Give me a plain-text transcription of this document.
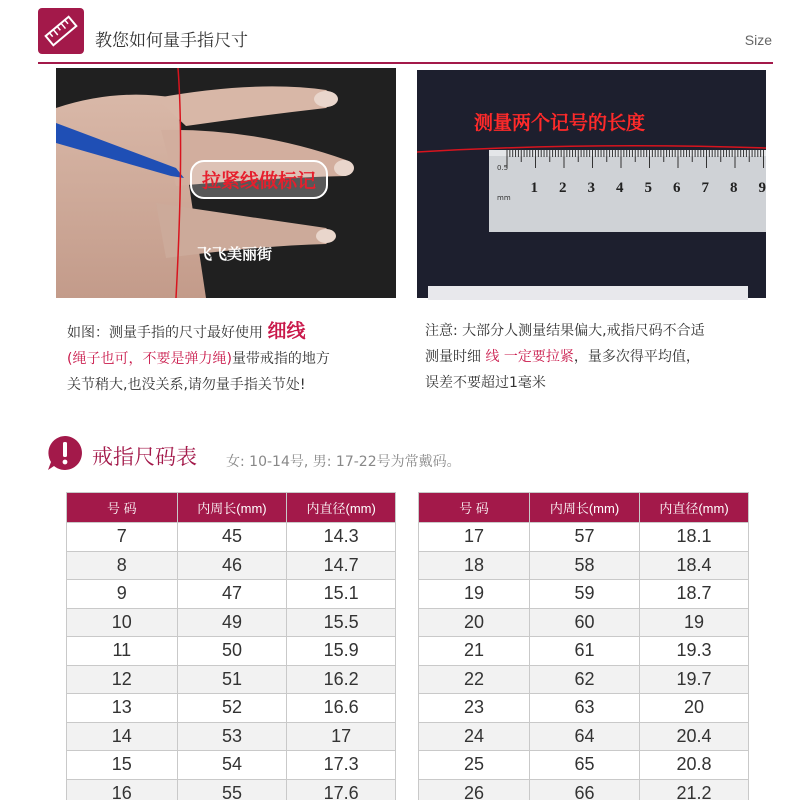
教您如何量手指尺寸	Size
拉紧线做标记
飞飞美丽街
0.5
mm
1 2 3 4 5 6 7 8 9
测量两个记号的长度
如图：测量手指的尺寸最好使用 细线
(绳子也可，不要是弹力绳)量带戒指的地方
关节稍大,也没关系,请勿量手指关节处!
注意: 大部分人测量结果偏大,戒指尺码不合适
测量时细 线 一定要拉紧，量多次得平均值，
误差不要超过1毫米
戒指尺码表 女: 10-14号, 男: 17-22号为常戴码。
号 码	内周长(mm)	内直径(mm)
7	45	14.3
8	46	14.7
9	47	15.1
10	49	15.5
11	50	15.9
12	51	16.2
13	52	16.6
14	53	17
15	54	17.3
16	55	17.6
号 码	内周长(mm)	内直径(mm)
17	57	18.1
18	58	18.4
19	59	18.7
20	60	19
21	61	19.3
22	62	19.7
23	63	20
24	64	20.4
25	65	20.8
26	66	21.2
